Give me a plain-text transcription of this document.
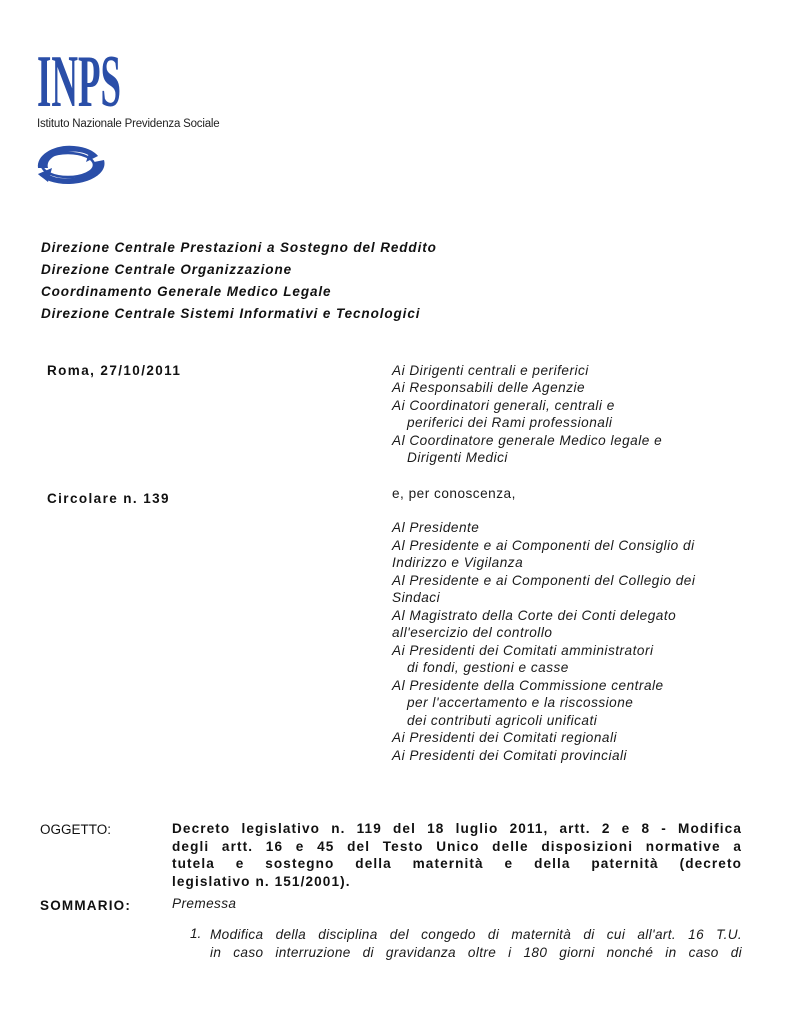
INPS
Istituto Nazionale Previdenza Sociale
Direzione Centrale Prestazioni a Sostegno del Reddito
Direzione Centrale Organizzazione
Coordinamento Generale Medico Legale
Direzione Centrale Sistemi Informativi e Tecnologici
Roma, 27/10/2011
Circolare n. 139
Ai Dirigenti centrali e periferici
Ai Responsabili delle Agenzie
Ai Coordinatori generali, centrali e
periferici dei Rami professionali
Al Coordinatore generale Medico legale e
Dirigenti Medici
e, per conoscenza,
Al Presidente
Al Presidente e ai Componenti del Consiglio di
Indirizzo e Vigilanza
Al Presidente e ai Componenti del Collegio dei
Sindaci
Al Magistrato della Corte dei Conti delegato
all'esercizio del controllo
Ai Presidenti dei Comitati amministratori
di fondi, gestioni e casse
Al Presidente della Commissione centrale
per l'accertamento e la riscossione
dei contributi agricoli unificati
Ai Presidenti dei Comitati regionali
Ai Presidenti dei Comitati provinciali
OGGETTO:	Decreto legislativo n. 119 del 18 luglio 2011, artt. 2 e 8 - Modifica
degli artt. 16 e 45 del Testo Unico delle disposizioni normative a
tutela e sostegno della maternità e della paternità (decreto
legislativo n. 151/2001).
SOMMARIO:	Premessa
1. Modifica della disciplina del congedo di maternità di cui all'art. 16 T.U.
in caso interruzione di gravidanza oltre i 180 giorni nonché in caso di
